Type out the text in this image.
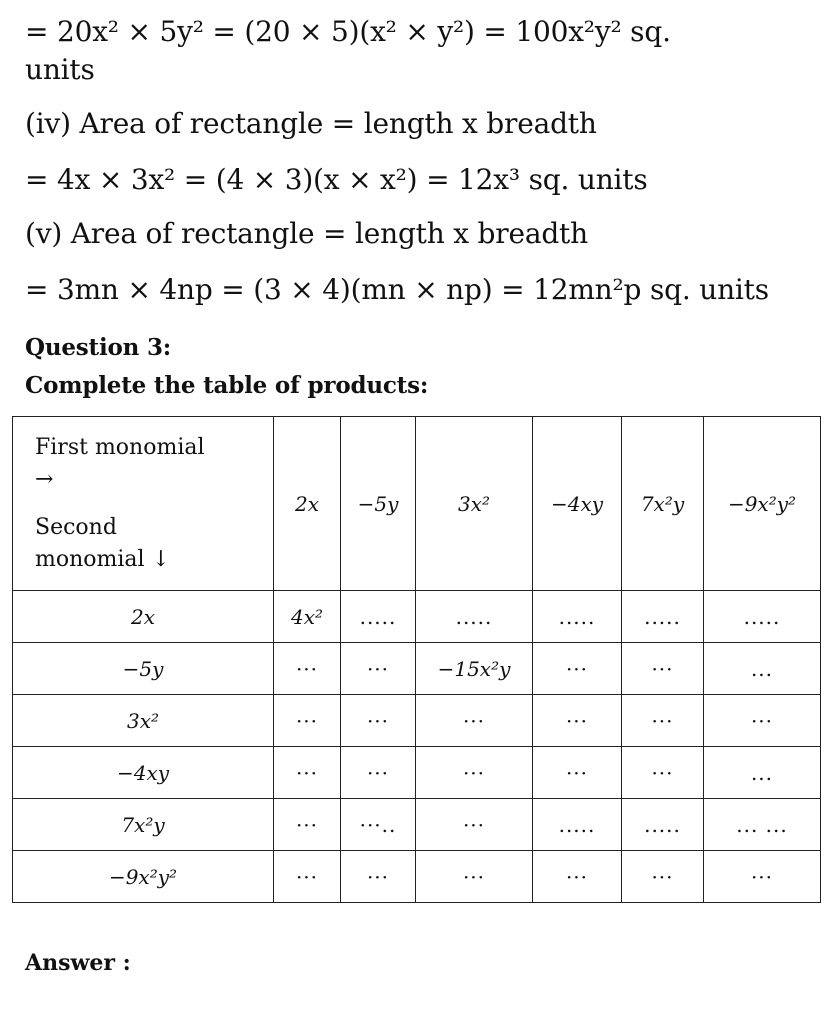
= 20x² × 5y² = (20 × 5)(x² × y²) = 100x²y² sq.
units
(iv) Area of rectangle = length x breadth
= 4x × 3x² = (4 × 3)(x × x²) = 12x³ sq. units
(v) Area of rectangle = length x breadth
= 3mn × 4np = (3 × 4)(mn × np) = 12mn²p sq. units
Question 3:
Complete the table of products:
First monomial
→
Second
monomial ↓	2x	−5y	3x²	−4xy	7x²y	−9x²y²
2x	4x²	.....	.....	.....	.....	.....
−5y	···	···	−15x²y	···	···	...
3x²	···	···	···	···	···	···
−4xy	···	···	···	···	···	...
7x²y	···	···..	···	.....	.....	... ...
−9x²y²	···	···	···	···	···	···
Answer :
